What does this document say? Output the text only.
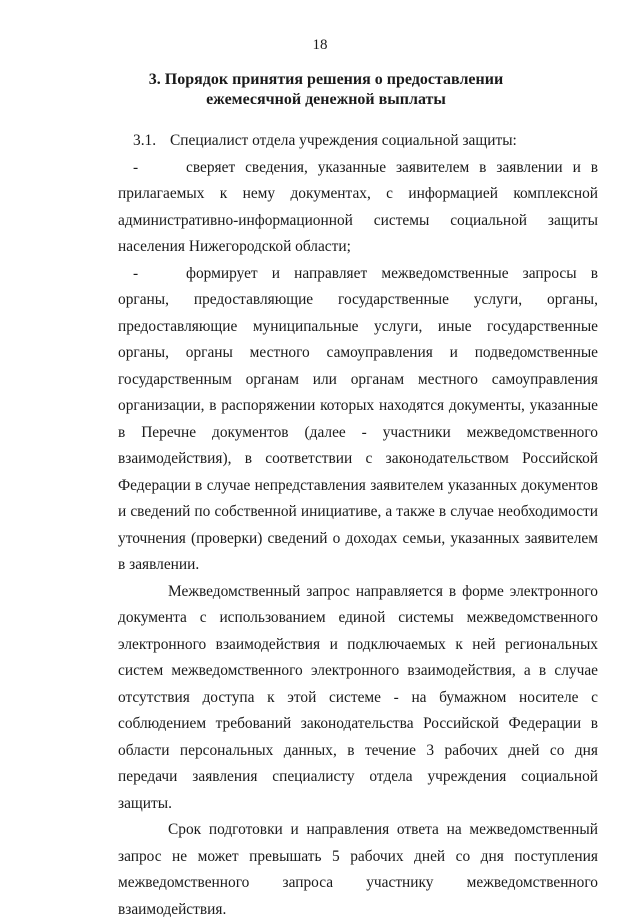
18
3. Порядок принятия решения о предоставлении ежемесячной денежной выплаты
3.1. Специалист отдела учреждения социальной защиты:

-	сверяет сведения, указанные заявителем в заявлении и в прилагаемых к нему документах, с информацией комплексной административно-информационной системы социальной защиты населения Нижегородской области;

-	формирует и направляет межведомственные запросы в органы, предоставляющие государственные услуги, органы, предоставляющие муниципальные услуги, иные государственные органы, органы местного самоуправления и подведомственные государственным органам или органам местного самоуправления организации, в распоряжении которых находятся документы, указанные в Перечне документов (далее - участники межведомственного взаимодействия), в соответствии с законодательством Российской Федерации в случае непредставления заявителем указанных документов и сведений по собственной инициативе, а также в случае необходимости уточнения (проверки) сведений о доходах семьи, указанных заявителем в заявлении.

Межведомственный запрос направляется в форме электронного документа с использованием единой системы межведомственного электронного взаимодействия и подключаемых к ней региональных систем межведомственного электронного взаимодействия, а в случае отсутствия доступа к этой системе - на бумажном носителе с соблюдением требований законодательства Российской Федерации в области персональных данных, в течение 3 рабочих дней со дня передачи заявления специалисту отдела учреждения социальной защиты.

Срок подготовки и направления ответа на межведомственный запрос не может превышать 5 рабочих дней со дня поступления межведомственного запроса участнику межведомственного взаимодействия.
